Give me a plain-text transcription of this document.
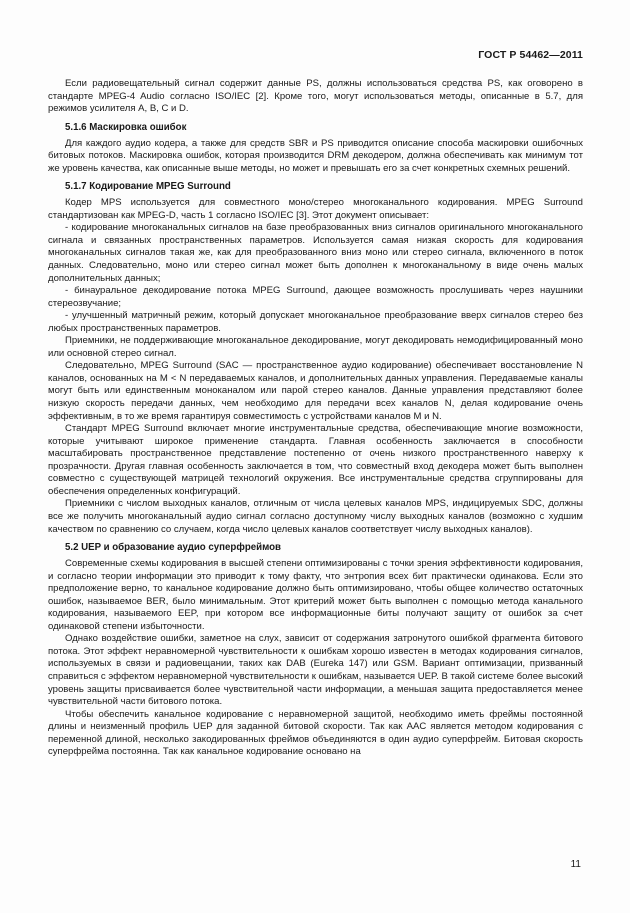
ГОСТ Р 54462—2011

Если радиовещательный сигнал содержит данные PS, должны использоваться средства PS, как оговорено в стандарте MPEG-4 Audio согласно ISO/IEC [2]. Кроме того, могут использоваться методы, описанные в 5.7, для режимов усилителя A, B, C и D.

5.1.6 Маскировка ошибок

Для каждого аудио кодера, а также для средств SBR и PS приводится описание способа маскировки ошибочных битовых потоков. Маскировка ошибок, которая производится DRM декодером, должна обеспечивать как минимум тот же уровень качества, как описанные выше методы, но может и превышать его за счет конкретных схемных решений.

5.1.7 Кодирование MPEG Surround

Кодер MPS используется для совместного моно/стерео многоканального кодирования. MPEG Surround стандартизован как MPEG-D, часть 1 согласно ISO/IEC [3]. Этот документ описывает:

- кодирование многоканальных сигналов на базе преобразованных вниз сигналов оригинального многоканального сигнала и связанных пространственных параметров. Используется самая низкая скорость для кодирования многоканальных сигналов такая же, как для преобразованного вниз моно или стерео сигнала, включенного в поток данных. Следовательно, моно или стерео сигнал может быть дополнен к многоканальному в виде очень малых дополнительных данных;

- бинауральное декодирование потока MPEG Surround, дающее возможность прослушивать через наушники стереозвучание;

- улучшенный матричный режим, который допускает многоканальное преобразование вверх сигналов стерео без любых пространственных параметров.

Приемники, не поддерживающие многоканальное декодирование, могут декодировать немодифицированный моно или основной стерео сигнал.

Следовательно, MPEG Surround (SAC — пространственное аудио кодирование) обеспечивает восстановление N каналов, основанных на M < N передаваемых каналов, и дополнительных данных управления. Передаваемые каналы могут быть или единственным моноканалом или парой стерео каналов. Данные управления представляют более низкую скорость передачи данных, чем необходимо для передачи всех каналов N, делая кодирование очень эффективным, в то же время гарантируя совместимость с устройствами каналов M и N.

Стандарт MPEG Surround включает многие инструментальные средства, обеспечивающие многие возможности, которые учитывают широкое применение стандарта. Главная особенность заключается в способности масштабировать пространственное представление постепенно от очень низкого пространственного наверху к прозрачности. Другая главная особенность заключается в том, что совместный вход декодера может быть выполнен совместно с существующей матрицей технологий окружения. Все инструментальные средства сгруппированы для обеспечения определенных конфигураций.

Приемники с числом выходных каналов, отличным от числа целевых каналов MPS, индицируемых SDC, должны все же получить многоканальный аудио сигнал согласно доступному числу выходных каналов (возможно с худшим качеством по сравнению со случаем, когда число целевых каналов соответствует числу выходных каналов).

5.2 UEP и образование аудио суперфреймов

Современные схемы кодирования в высшей степени оптимизированы с точки зрения эффективности кодирования, и согласно теории информации это приводит к тому факту, что энтропия всех бит практически одинакова. Если это предположение верно, то канальное кодирование должно быть оптимизировано, чтобы общее количество остаточных ошибок, называемое BER, было минимальным. Этот критерий может быть выполнен с помощью метода канального кодирования, называемого EEP, при котором все информационные биты получают защиту от ошибок за счет одинаковой степени избыточности.

Однако воздействие ошибки, заметное на слух, зависит от содержания затронутого ошибкой фрагмента битового потока. Этот эффект неравномерной чувствительности к ошибкам хорошо известен в методах кодирования сигналов, используемых в связи и радиовещании, таких как DAB (Eureka 147) или GSM. Вариант оптимизации, призванный справиться с эффектом неравномерной чувствительности к ошибкам, называется UEP. В такой системе более высокий уровень защиты присваивается более чувствительной части информации, а меньшая защита предоставляется менее чувствительной части битового потока.

Чтобы обеспечить канальное кодирование с неравномерной защитой, необходимо иметь фреймы постоянной длины и неизменный профиль UEP для заданной битовой скорости. Так как AAC является методом кодирования с переменной длиной, несколько закодированных фреймов объединяются в один аудио суперфрейм. Битовая скорость суперфрейма постоянна. Так как канальное кодирование основано на

11
